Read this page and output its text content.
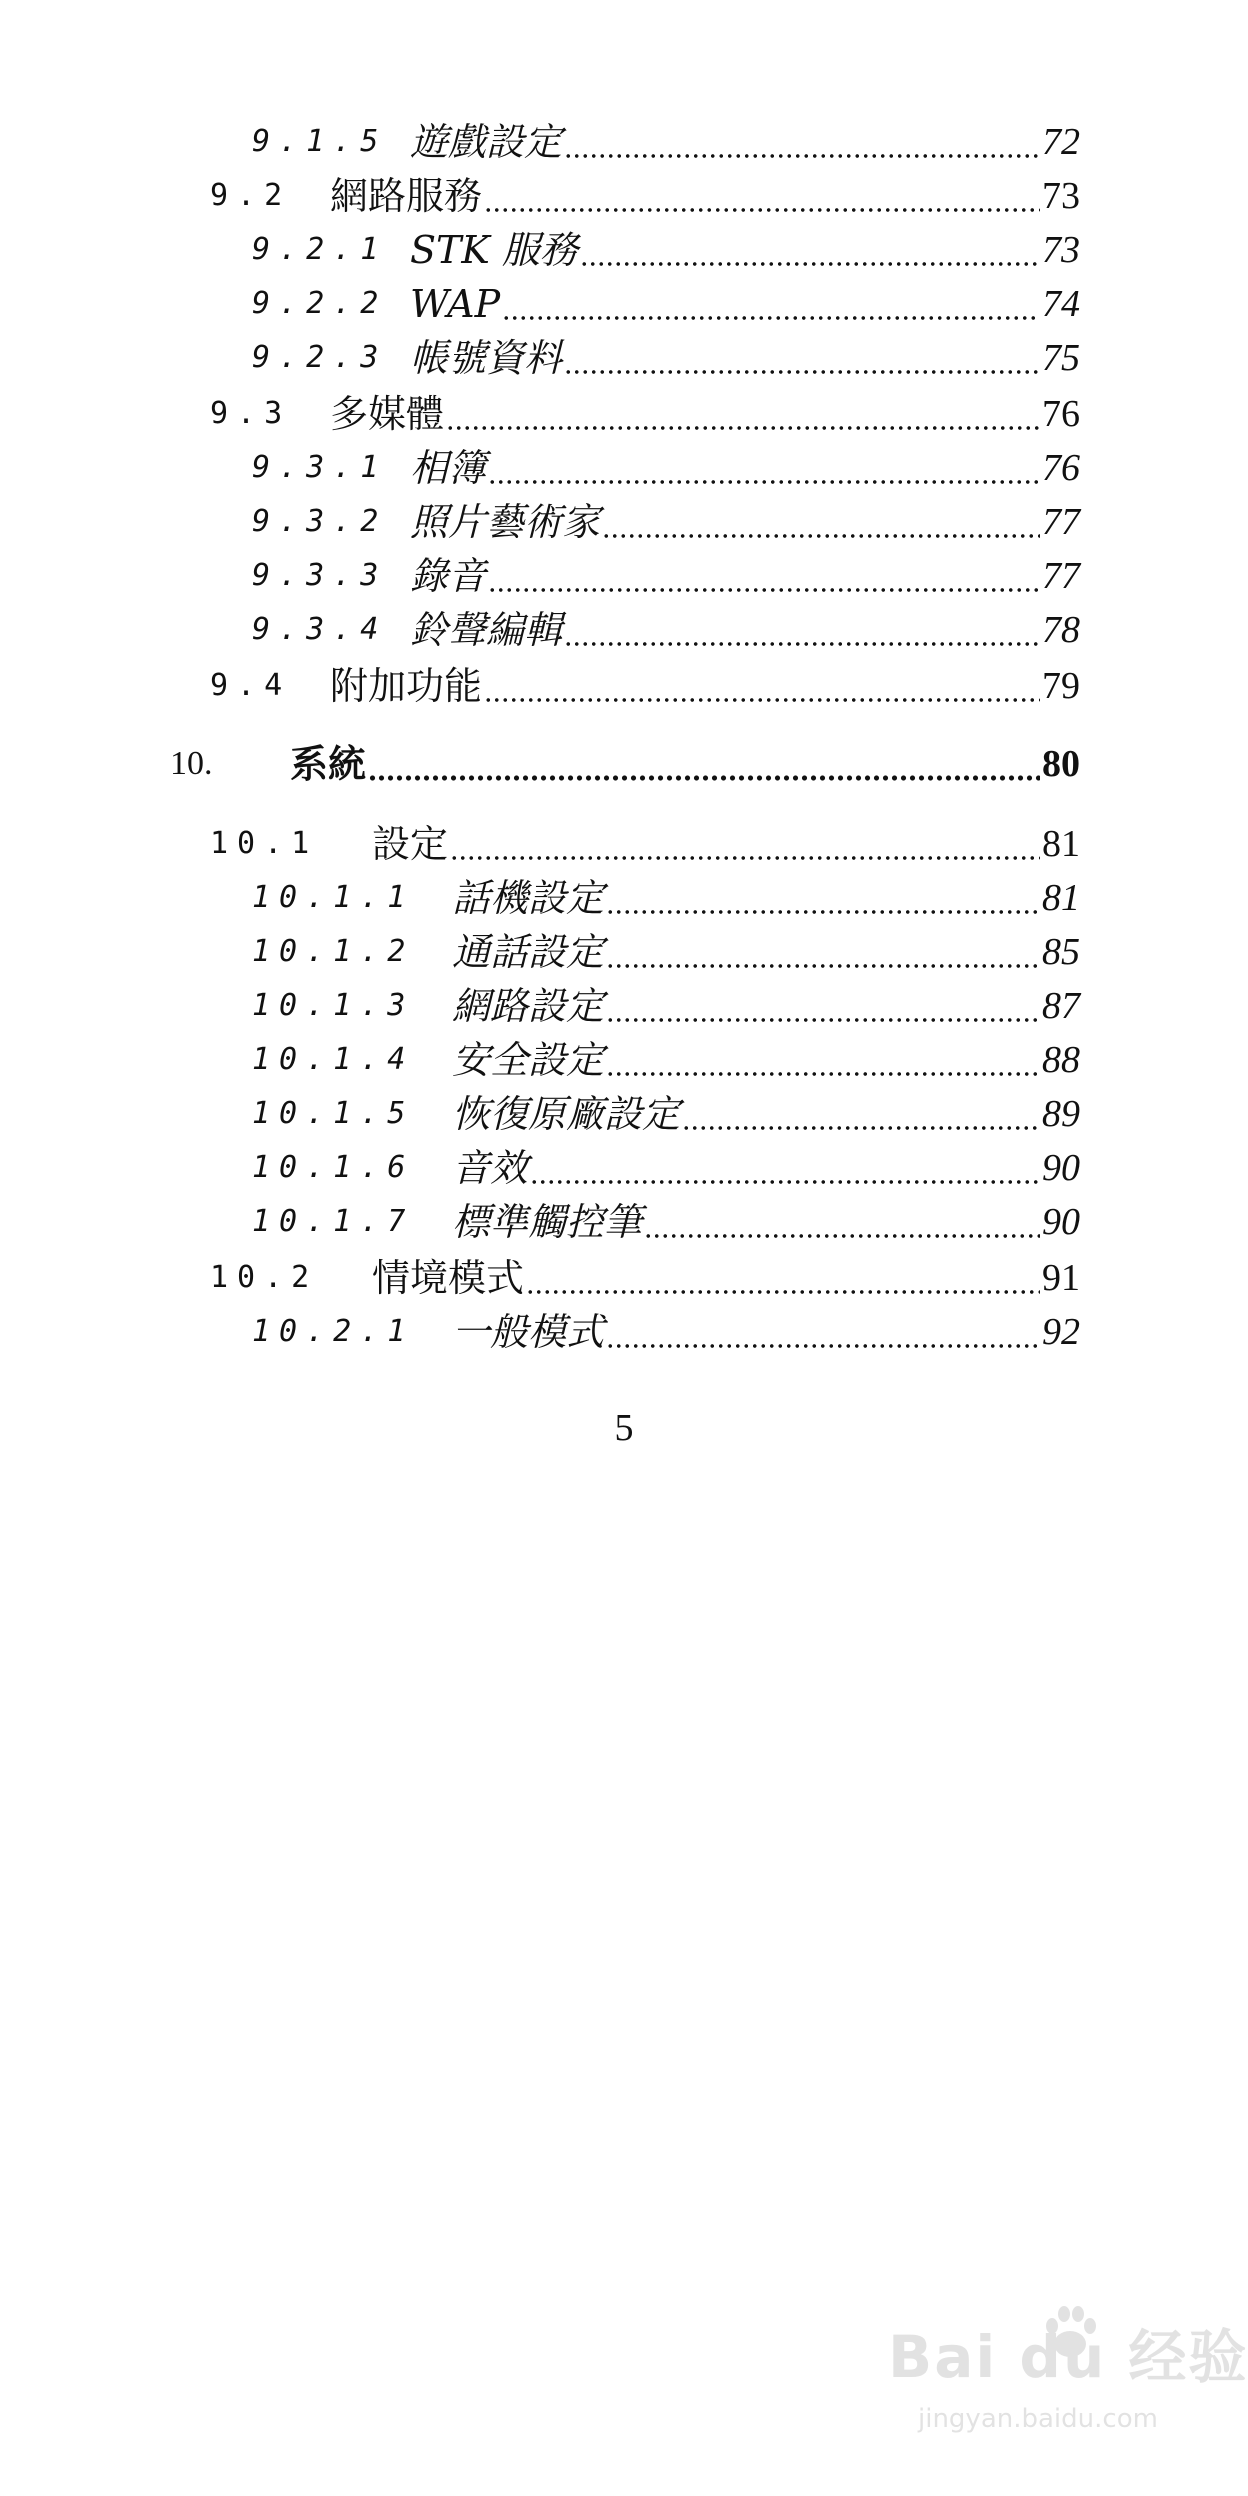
9.1.5 遊戲設定	72
9.2 網路服務	73
9.2.1 STK 服務	73
9.2.2 WAP	74
9.2.3 帳號資料	75
9.3 多媒體	76
9.3.1 相簿	76
9.3.2 照片藝術家	77
9.3.3 錄音	77
9.3.4 鈴聲編輯	78
9.4 附加功能	79
10. 系統	80
10.1 設定	81
10.1.1 話機設定	81
10.1.2 通話設定	85
10.1.3 網路設定	87
10.1.4 安全設定	88
10.1.5 恢復原廠設定	89
10.1.6 音效	90
10.1.7 標準觸控筆	90
10.2 情境模式	91
10.2.1 一般模式	92
5
Bai du 经验
jingyan.baidu.com
